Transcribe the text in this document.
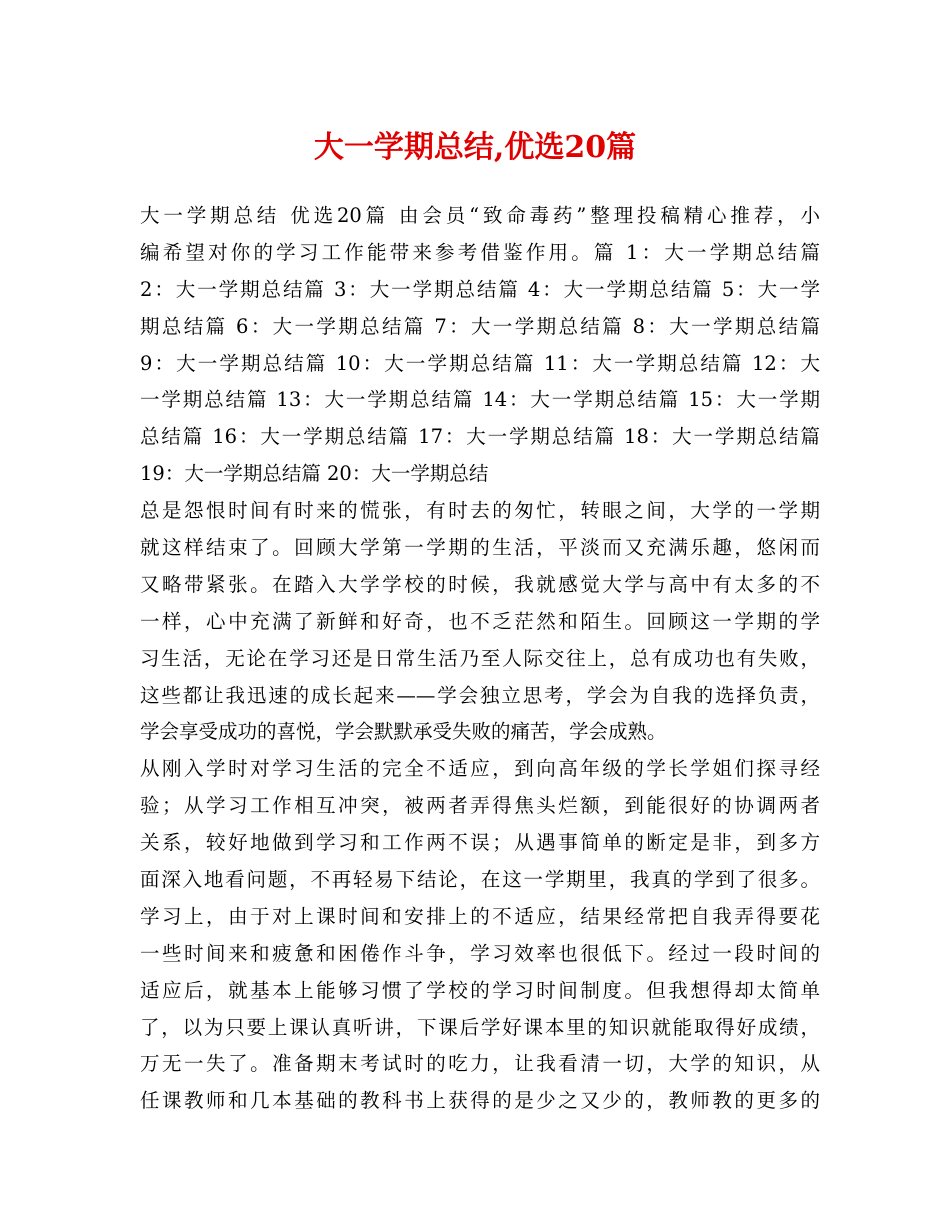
大一学期总结,优选20篇
大一学期总结 优选20篇 由会员“致命毒药”整理投稿精心推荐，小
编希望对你的学习工作能带来参考借鉴作用。篇 1：大一学期总结篇
2：大一学期总结篇 3：大一学期总结篇 4：大一学期总结篇 5：大一学
期总结篇 6：大一学期总结篇 7：大一学期总结篇 8：大一学期总结篇
9：大一学期总结篇 10：大一学期总结篇 11：大一学期总结篇 12：大
一学期总结篇 13：大一学期总结篇 14：大一学期总结篇 15：大一学期
总结篇 16：大一学期总结篇 17：大一学期总结篇 18：大一学期总结篇
19：大一学期总结篇 20：大一学期总结
总是怨恨时间有时来的慌张，有时去的匆忙，转眼之间，大学的一学期
就这样结束了。回顾大学第一学期的生活，平淡而又充满乐趣，悠闲而
又略带紧张。在踏入大学学校的时候，我就感觉大学与高中有太多的不
一样，心中充满了新鲜和好奇，也不乏茫然和陌生。回顾这一学期的学
习生活，无论在学习还是日常生活乃至人际交往上，总有成功也有失败，
这些都让我迅速的成长起来——学会独立思考，学会为自我的选择负责，
学会享受成功的喜悦，学会默默承受失败的痛苦，学会成熟。
从刚入学时对学习生活的完全不适应，到向高年级的学长学姐们探寻经
验；从学习工作相互冲突，被两者弄得焦头烂额，到能很好的协调两者
关系，较好地做到学习和工作两不误；从遇事简单的断定是非，到多方
面深入地看问题，不再轻易下结论，在这一学期里，我真的学到了很多。
学习上，由于对上课时间和安排上的不适应，结果经常把自我弄得要花
一些时间来和疲惫和困倦作斗争，学习效率也很低下。经过一段时间的
适应后，就基本上能够习惯了学校的学习时间制度。但我想得却太简单
了，以为只要上课认真听讲，下课后学好课本里的知识就能取得好成绩，
万无一失了。准备期末考试时的吃力，让我看清一切，大学的知识，从
任课教师和几本基础的教科书上获得的是少之又少的，教师教的更多的
